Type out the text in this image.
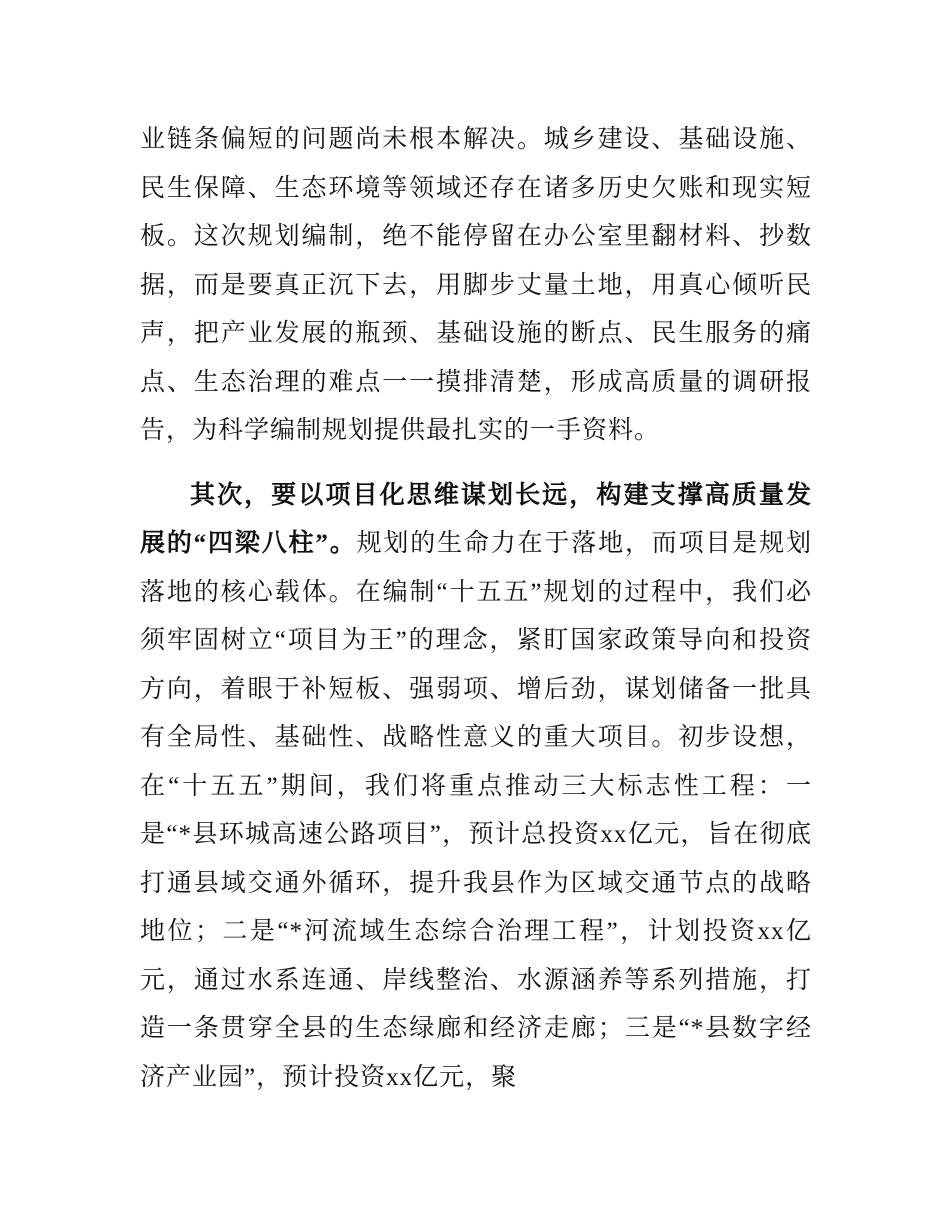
业链条偏短的问题尚未根本解决。城乡建设、基础设施、民生保障、生态环境等领域还存在诸多历史欠账和现实短板。这次规划编制，绝不能停留在办公室里翻材料、抄数据，而是要真正沉下去，用脚步丈量土地，用真心倾听民声，把产业发展的瓶颈、基础设施的断点、民生服务的痛点、生态治理的难点一一摸排清楚，形成高质量的调研报告，为科学编制规划提供最扎实的一手资料。

其次，要以项目化思维谋划长远，构建支撑高质量发展的“四梁八柱”。规划的生命力在于落地，而项目是规划落地的核心载体。在编制“十五五”规划的过程中，我们必须牢固树立“项目为王”的理念，紧盯国家政策导向和投资方向，着眼于补短板、强弱项、增后劲，谋划储备一批具有全局性、基础性、战略性意义的重大项目。初步设想，在“十五五”期间，我们将重点推动三大标志性工程：一是“*县环城高速公路项目”，预计总投资xx亿元，旨在彻底打通县域交通外循环，提升我县作为区域交通节点的战略地位；二是“*河流域生态综合治理工程”，计划投资xx亿元，通过水系连通、岸线整治、水源涵养等系列措施，打造一条贯穿全县的生态绿廊和经济走廊；三是“*县数字经济产业园”，预计投资xx亿元，聚
